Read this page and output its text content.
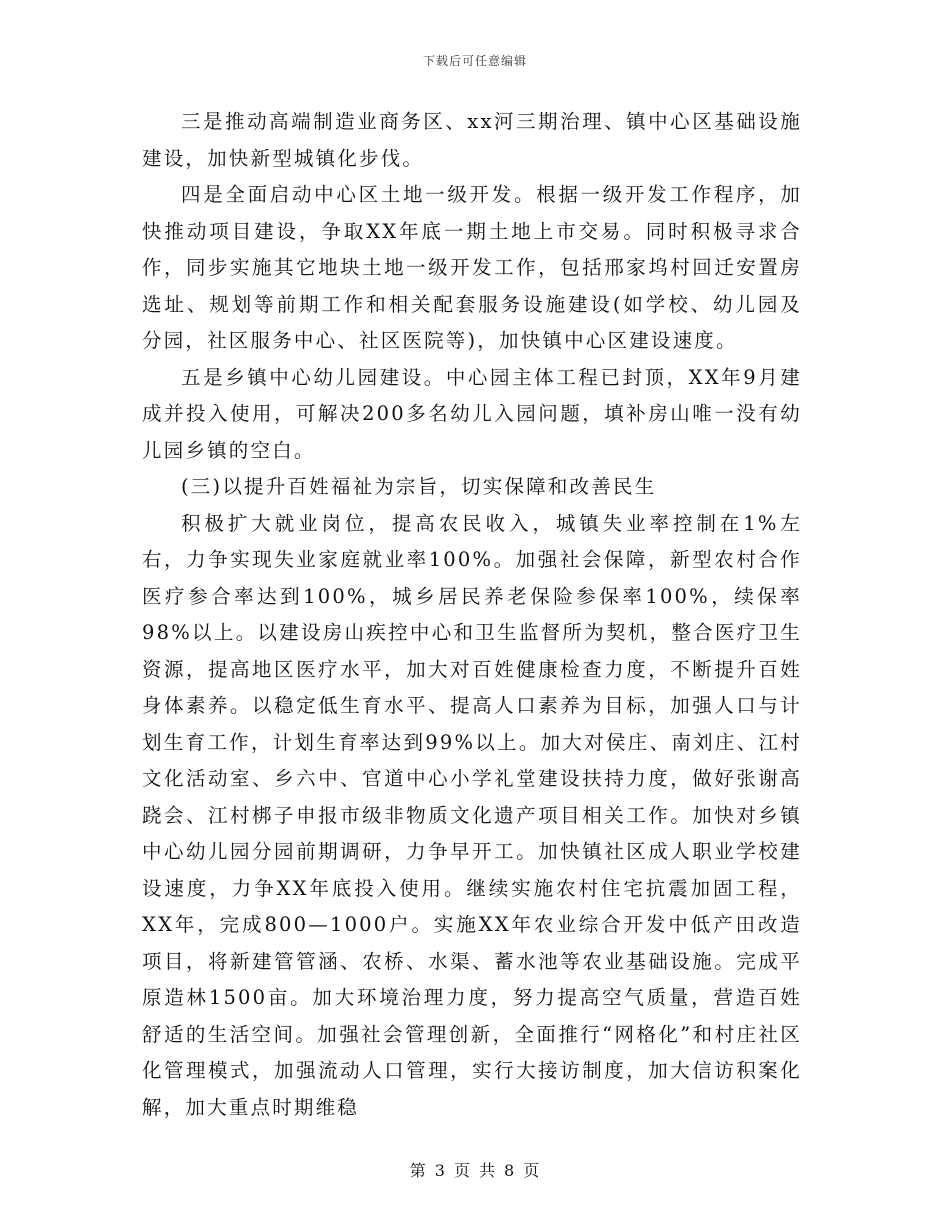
下载后可任意编辑

三是推动高端制造业商务区、xx河三期治理、镇中心区基础设施建设，加快新型城镇化步伐。

四是全面启动中心区土地一级开发。根据一级开发工作程序，加快推动项目建设，争取XX年底一期土地上市交易。同时积极寻求合作，同步实施其它地块土地一级开发工作，包括邢家坞村回迁安置房选址、规划等前期工作和相关配套服务设施建设(如学校、幼儿园及分园，社区服务中心、社区医院等)，加快镇中心区建设速度。

五是乡镇中心幼儿园建设。中心园主体工程已封顶，XX年9月建成并投入使用，可解决200多名幼儿入园问题，填补房山唯一没有幼儿园乡镇的空白。

(三)以提升百姓福祉为宗旨，切实保障和改善民生

积极扩大就业岗位，提高农民收入，城镇失业率控制在1%左右，力争实现失业家庭就业率100%。加强社会保障，新型农村合作医疗参合率达到100%，城乡居民养老保险参保率100%，续保率98%以上。以建设房山疾控中心和卫生监督所为契机，整合医疗卫生资源，提高地区医疗水平，加大对百姓健康检查力度，不断提升百姓身体素养。以稳定低生育水平、提高人口素养为目标，加强人口与计划生育工作，计划生育率达到99%以上。加大对侯庄、南刘庄、江村文化活动室、乡六中、官道中心小学礼堂建设扶持力度，做好张谢高跷会、江村梆子申报市级非物质文化遗产项目相关工作。加快对乡镇中心幼儿园分园前期调研，力争早开工。加快镇社区成人职业学校建设速度，力争XX年底投入使用。继续实施农村住宅抗震加固工程，XX年，完成800—1000户。实施XX年农业综合开发中低产田改造项目，将新建管管涵、农桥、水渠、蓄水池等农业基础设施。完成平原造林1500亩。加大环境治理力度，努力提高空气质量，营造百姓舒适的生活空间。加强社会管理创新，全面推行“网格化”和村庄社区化管理模式，加强流动人口管理，实行大接访制度，加大信访积案化解，加大重点时期维稳

第 3 页 共 8 页
